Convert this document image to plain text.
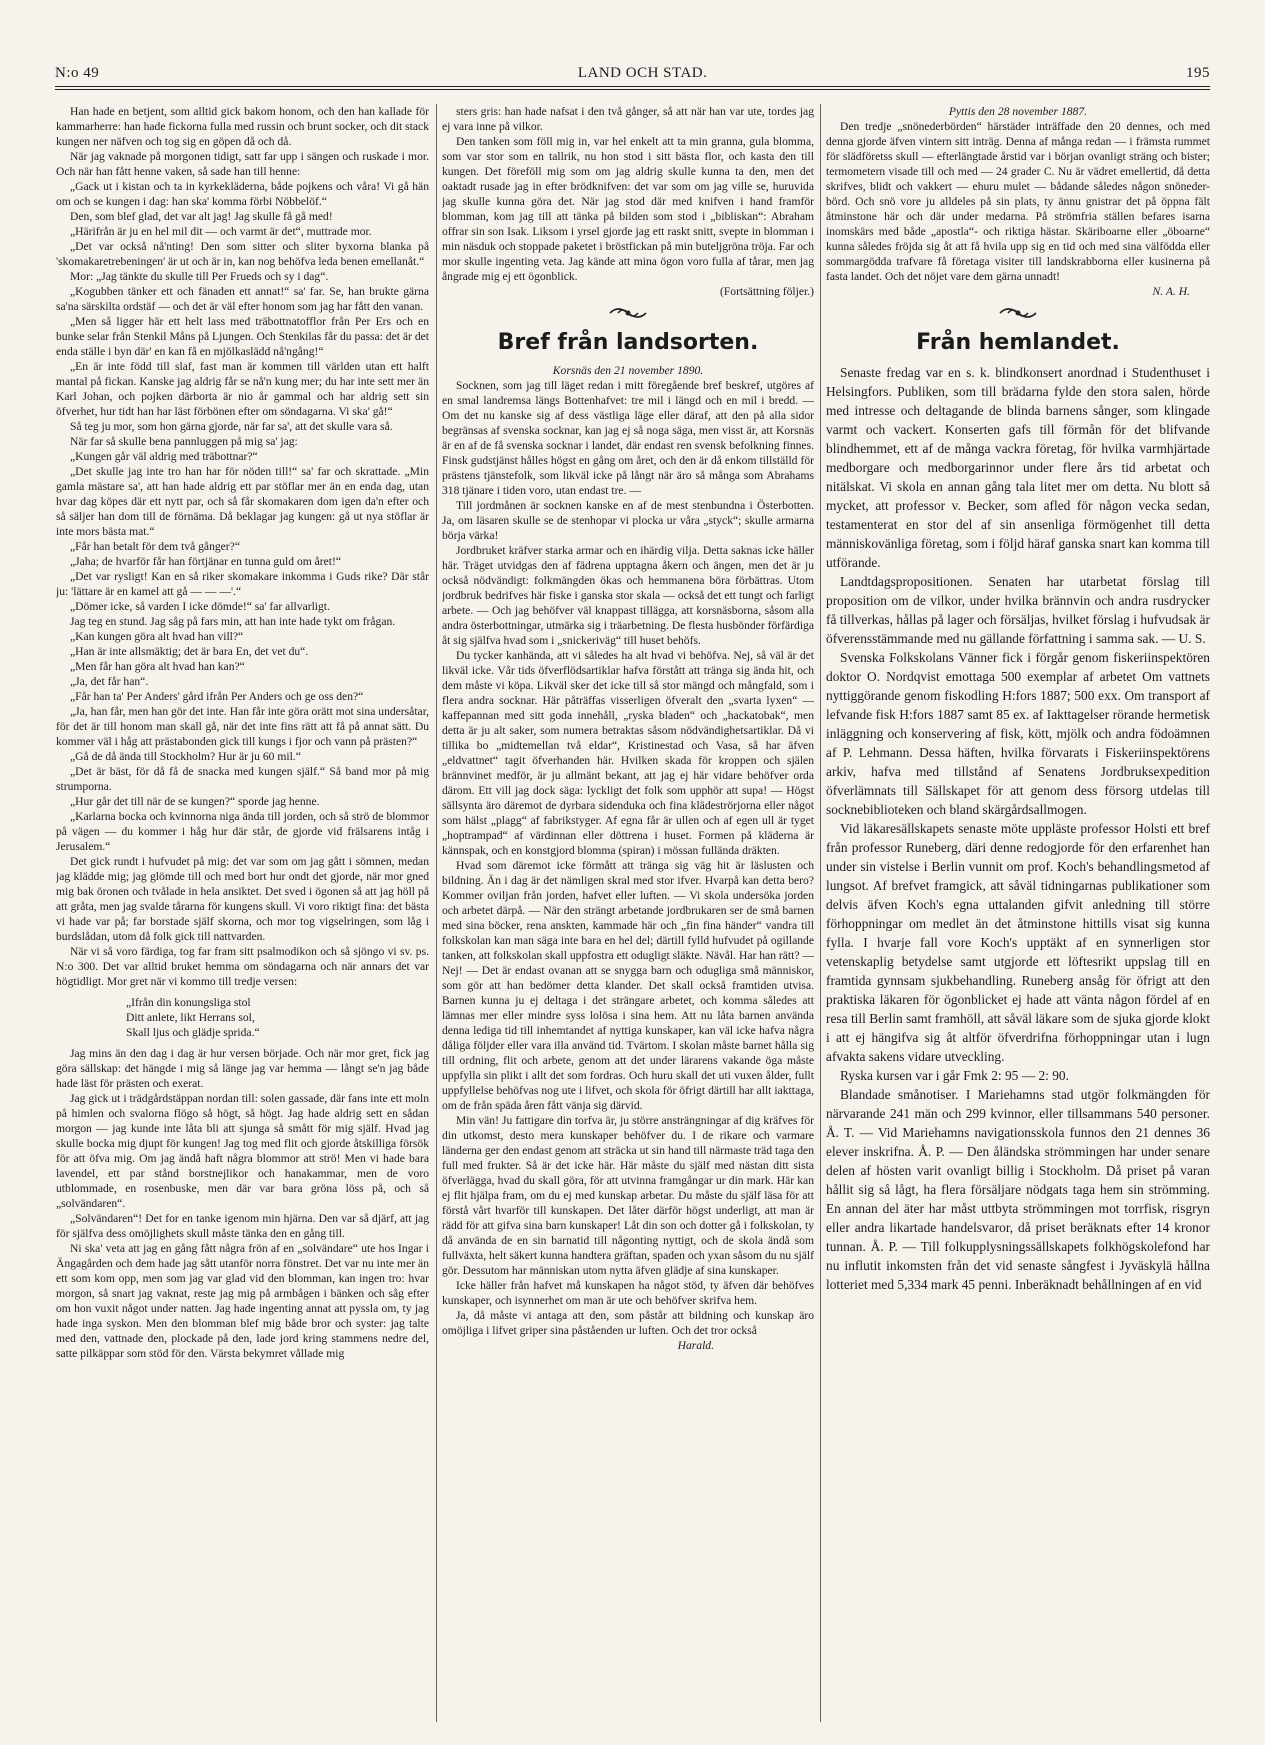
N:o 49	LAND OCH STAD.	195

Han hade en betjent, som alltid gick bakom honom, och den han kallade för kammarherre: han hade fickorna fulla med russin och brunt socker, och dit stack kungen ner näfven och tog sig en göpen då och då.

När jag vaknade på morgonen tidigt, satt far upp i sängen och ruskade i mor. Och när han fått henne vaken, så sade han till henne:

„Gack ut i kistan och ta in kyrkekläderna, både pojkens och våra! Vi gå hän om och se kungen i dag: han ska' komma förbi Nöbbelöf.“

Den, som blef glad, det var alt jag! Jag skulle få gå med!

„Härifrån är ju en hel mil dit — och varmt är det“, muttrade mor.

„Det var också nå'nting! Den som sitter och sliter byxorna blanka på 'skomakaretrebeningen' är ut och är in, kan nog behöfva leda benen emellanåt.“

Mor: „Jag tänkte du skulle till Per Frueds och sy i dag“.

„Kogubben tänker ett och fänaden ett annat!“ sa' far. Se, han brukte gärna sa'na särskilta ordstäf — och det är väl efter honom som jag har fått den vanan.

„Men så ligger här ett helt lass med träbottnatofflor från Per Ers och en bunke selar från Stenkil Måns på Ljungen. Och Stenkilas får du passa: det är det enda ställe i byn där' en kan få en mjölkaslädd nå'ngång!“

„En är inte född till slaf, fast man är kommen till världen utan ett halft mantal på fickan. Kanske jag aldrig får se nå'n kung mer; du har inte sett mer än Karl Johan, och pojken därborta är nio år gammal och har aldrig sett sin öfverhet, hur tidt han har läst förbönen efter om söndagarna. Vi ska' gå!“

Så teg ju mor, som hon gärna gjorde, när far sa', att det skulle vara så.

När far så skulle bena pannluggen på mig sa' jag:

„Kungen går väl aldrig med träbottnar?“

„Det skulle jag inte tro han har för nöden till!“ sa' far och skrattade. „Min gamla mästare sa', att han hade aldrig ett par stöflar mer än en enda dag, utan hvar dag köpes där ett nytt par, och så får skomakaren dom igen da'n efter och så säljer han dom till de förnäma. Då beklagar jag kungen: gå ut nya stöflar är inte mors bästa mat.“

„Får han betalt för dem två gånger?“

„Jaha; de hvarför får han förtjänar en tunna guld om året!“

„Det var rysligt! Kan en så riker skomakare inkomma i Guds rike? Där står ju: 'lättare är en kamel att gå — — —'.“

„Dömer icke, så varden I icke dömde!“ sa' far allvarligt.

Jag teg en stund. Jag såg på fars min, att han inte hade tykt om frågan.

„Kan kungen göra alt hvad han vill?“

„Han är inte allsmäktig; det är bara En, det vet du“.

„Men får han göra alt hvad han kan?“

„Ja, det får han“.

„Får han ta' Per Anders' gård ifrån Per Anders och ge oss den?“

„Ja, han får, men han gör det inte. Han får inte göra orätt mot sina undersåtar, för det är till honom man skall gå, när det inte fins rätt att få på annat sätt. Du kommer väl i håg att prästabonden gick till kungs i fjor och vann på prästen?“

„Gå de då ända till Stockholm? Hur är ju 60 mil.“

„Det är bäst, för då få de snacka med kungen själf.“ Så band mor på mig strumporna.

„Hur går det till när de se kungen?“ sporde jag henne.

„Karlarna bocka och kvinnorna niga ända till jorden, och så strö de blommor på vägen — du kommer i håg hur där står, de gjorde vid frälsarens intåg i Jerusalem.“

Det gick rundt i hufvudet på mig: det var som om jag gått i sömnen, medan jag klädde mig; jag glömde till och med bort hur ondt det gjorde, när mor gned mig bak öronen och tvålade in hela ansiktet. Det sved i ögonen så att jag höll på att gråta, men jag svalde tårarna för kungens skull. Vi voro riktigt fina: det bästa vi hade var på; far borstade själf skorna, och mor tog vigselringen, som låg i burdslådan, utom då folk gick till nattvarden.

När vi så voro färdiga, tog far fram sitt psalmodikon och så sjöngo vi sv. ps. N:o 300. Det var alltid bruket hemma om söndagarna och när annars det var högtidligt. Mor gret när vi kommo till tredje versen:

„Ifrån din konungsliga stol
Ditt anlete, likt Herrans sol,
Skall ljus och glädje sprida.“

Jag mins än den dag i dag är hur versen började. Och när mor gret, fick jag göra sällskap: det hängde i mig så länge jag var hemma — långt se'n jag både hade läst för prästen och exerat.

Jag gick ut i trädgårdstäppan nordan till: solen gassade, där fans inte ett moln på himlen och svalorna flögo så högt, så högt. Jag hade aldrig sett en sådan morgon — jag kunde inte låta bli att sjunga så smått för mig själf. Hvad jag skulle bocka mig djupt för kungen! Jag tog med flit och gjorde åtskilliga försök för att öfva mig. Om jag ändå haft några blommor att strö! Men vi hade bara lavendel, ett par stånd borstnejlikor och hanakammar, men de voro utblommade, en rosenbuske, men där var bara gröna löss på, och så „solvändaren“.

„Solvändaren“! Det for en tanke igenom min hjärna. Den var så djärf, att jag för själfva dess omöjlighets skull måste tänka den en gång till.

Ni ska' veta att jag en gång fått några frön af en „solvändare“ ute hos Ingar i Ängagården och dem hade jag sått utanför norra fönstret. Det var nu inte mer än ett som kom opp, men som jag var glad vid den blomman, kan ingen tro: hvar morgon, så snart jag vaknat, reste jag mig på armbågen i bänken och såg efter om hon vuxit något under natten. Jag hade ingenting annat att pyssla om, ty jag hade inga syskon. Men den blomman blef mig både bror och syster: jag talte med den, vattnade den, plockade på den, lade jord kring stammens nedre del, satte pilkäppar som stöd för den. Värsta bekymret vållade mig

sters gris: han hade nafsat i den två gånger, så att när han var ute, tordes jag ej vara inne på vilkor.

Den tanken som föll mig in, var hel enkelt att ta min granna, gula blomma, som var stor som en tallrik, nu hon stod i sitt bästa flor, och kasta den till kungen. Det föreföll mig som om jag aldrig skulle kunna ta den, men det oaktadt rusade jag in efter brödknifven: det var som om jag ville se, huruvida jag skulle kunna göra det. När jag stod där med knifven i hand framför blomman, kom jag till att tänka på bilden som stod i „bibliskan“: Abraham offrar sin son Isak. Liksom i yrsel gjorde jag ett raskt snitt, svepte in blomman i min näsduk och stoppade paketet i bröstfickan på min buteljgröna tröja. Far och mor skulle ingenting veta. Jag kände att mina ögon voro fulla af tårar, men jag ångrade mig ej ett ögonblick.

(Fortsättning följer.)

Bref från landsorten.

Korsnäs den 21 november 1890.

Socknen, som jag till läget redan i mitt föregående bref beskref, utgöres af en smal landremsa längs Bottenhafvet: tre mil i längd och en mil i bredd. — Om det nu kanske sig af dess västliga läge eller däraf, att den på alla sidor begränsas af svenska socknar, kan jag ej så noga säga, men visst är, att Korsnäs är en af de få svenska socknar i landet, där endast ren svensk befolkning finnes. Finsk gudstjänst hålles högst en gång om året, och den är då enkom tillställd för prästens tjänstefolk, som likväl icke på långt när äro så många som Abrahams 318 tjänare i tiden voro, utan endast tre. —

Till jordmånen är socknen kanske en af de mest stenbundna i Österbotten. Ja, om läsaren skulle se de stenhopar vi plocka ur våra „styck“; skulle armarna börja värka!

Jordbruket kräfver starka armar och en ihärdig vilja. Detta saknas icke häller här. Träget utvidgas den af fädrena upptagna åkern och ängen, men det är ju också nödvändigt: folkmängden ökas och hemmanena böra förbättras. Utom jordbruk bedrifves här fiske i ganska stor skala — också det ett tungt och farligt arbete. — Och jag behöfver väl knappast tillägga, att korsnäsborna, såsom alla andra österbottningar, utmärka sig i träarbetning. De flesta husbönder förfärdiga åt sig själfva hvad som i „snickeriväg“ till huset behöfs.

Du tycker kanhända, att vi således ha alt hvad vi behöfva. Nej, så väl är det likväl icke. Vår tids öfverflödsartiklar hafva förstått att tränga sig ända hit, och dem måste vi köpa. Likväl sker det icke till så stor mängd och mångfald, som i flera andra socknar. Här påträffas visserligen öfveralt den „svarta lyxen“ — kaffepannan med sitt goda innehåll, „ryska bladen“ och „hackatobak“, men detta är ju alt saker, som numera betraktas såsom nödvändighetsartiklar. Då vi tillika bo „midtemellan två eldar“, Kristinestad och Vasa, så har äfven „eldvattnet“ tagit öfverhanden här. Hvilken skada för kroppen och själen brännvinet medför, är ju allmänt bekant, att jag ej här vidare behöfver orda därom. Ett vill jag dock säga: lyckligt det folk som upphör att supa! — Högst sällsynta äro däremot de dyrbara sidenduka och fina klädeströrjorna eller något som hälst „plagg“ af fabrikstyger. Af egna får är ullen och af egen ull är tyget „hoptrampad“ af värdinnan eller döttrena i huset. Formen på kläderna är kännspak, och en konstgjord blomma (spiran) i mössan fullända dräkten.

Hvad som däremot icke förmått att tränga sig väg hit är läslusten och bildning. Än i dag är det nämligen skral med stor ifver. Hvarpå kan detta bero? Kommer oviljan från jorden, hafvet eller luften. — Vi skola undersöka jorden och arbetet därpå. — När den strängt arbetande jordbrukaren ser de små barnen med sina böcker, rena anskten, kammade här och „fin fina händer“ vandra till folkskolan kan man säga inte bara en hel del; därtill fylld hufvudet på ogillande tanken, att folkskolan skall uppfostra ett odugligt släkte. Nävål. Har han rätt? — Nej! — Det är endast ovanan att se snygga barn och odugliga små människor, som gör att han bedömer detta klander. Det skall också framtiden utvisa. Barnen kunna ju ej deltaga i det strängare arbetet, och komma således att lämnas mer eller mindre syss lolösa i sina hem. Att nu låta barnen använda denna lediga tid till inhemtandet af nyttiga kunskaper, kan väl icke hafva några dåliga följder eller vara illa använd tid. Tvärtom. I skolan måste barnet hålla sig till ordning, flit och arbete, genom att det under lärarens vakande öga måste uppfylla sin plikt i allt det som fordras. Och huru skall det uti vuxen ålder, fullt uppfyllelse behöfvas nog ute i lifvet, och skola för öfrigt därtill har allt iakttaga, om de från späda åren fått vänja sig därvid.

Min vän! Ju fattigare din torfva är, ju större ansträngningar af dig kräfves för din utkomst, desto mera kunskaper behöfver du. I de rikare och varmare länderna ger den endast genom att sträcka ut sin hand till närmaste träd taga den full med frukter. Så är det icke här. Här måste du själf med nästan ditt sista öfverlägga, hvad du skall göra, för att utvinna framgångar ur din mark. Här kan ej flit hjälpa fram, om du ej med kunskap arbetar. Du måste du själf läsa för att förstå vårt hvarför till kunskapen. Det låter därför högst underligt, att man är rädd för att gifva sina barn kunskaper! Låt din son och dotter gå i folkskolan, ty då använda de en sin barnatid till någonting nyttigt, och de skola ändå som fullväxta, helt säkert kunna handtera gräftan, spaden och yxan såsom du nu själf gör. Dessutom har människan utom nytta äfven glädje af sina kunskaper.

Icke häller från hafvet må kunskapen ha något stöd, ty äfven där behöfves kunskaper, och isynnerhet om man är ute och behöfver skrifva hem.

Ja, då måste vi antaga att den, som påstår att bildning och kunskap äro omöjliga i lifvet griper sina påståenden ur luften. Och det tror också

Harald.

Pyttis den 28 november 1887.

Den tredje „snönederbörden“ härstäder inträffade den 20 dennes, och med denna gjorde äfven vintern sitt inträg. Denna af många redan — i främsta rummet för slädföretss skull — efterlängtade årstid var i början ovanligt sträng och bister; termometern visade till och med — 24 grader C. Nu är vädret emellertid, då detta skrifves, blidt och vakkert — ehuru mulet — bådande således någon snöneder-börd. Och snö vore ju alldeles på sin plats, ty ännu gnistrar det på öppna fält åtminstone här och där under medarna. På strömfria ställen befares isarna inomskärs med både „apostla“- och riktiga hästar. Skäriboarne eller „öboarne“ kunna således fröjda sig åt att få hvila upp sig en tid och med sina välfödda eller sommargödda trafvare få företaga visiter till landskrabborna eller kusinerna på fasta landet. Och det nöjet vare dem gärna unnadt!

N. A. H.

Från hemlandet.

Senaste fredag var en s. k. blindkonsert anordnad i Studenthuset i Helsingfors. Publiken, som till brädarna fylde den stora salen, hörde med intresse och deltagande de blinda barnens sånger, som klingade varmt och vackert. Konserten gafs till förmån för det blifvande blindhemmet, ett af de många vackra företag, för hvilka varmhjärtade medborgare och medborgarinnor under flere års tid arbetat och nitälskat. Vi skola en annan gång tala litet mer om detta. Nu blott så mycket, att professor v. Becker, som afled för någon vecka sedan, testamenterat en stor del af sin ansenliga förmögenhet till detta människovänliga företag, som i följd häraf ganska snart kan komma till utförande.

Landtdagspropositionen. Senaten har utarbetat förslag till proposition om de vilkor, under hvilka brännvin och andra rusdrycker få tillverkas, hållas på lager och försäljas, hvilket förslag i hufvudsak är öfverensstämmande med nu gällande författning i samma sak. — U. S.

Svenska Folkskolans Vänner fick i förgår genom fiskeriinspektören doktor O. Nordqvist emottaga 500 exemplar af arbetet Om vattnets nyttiggörande genom fiskodling H:fors 1887; 500 exx. Om transport af lefvande fisk H:fors 1887 samt 85 ex. af Iakttagelser rörande hermetisk inläggning och konservering af fisk, kött, mjölk och andra födoämnen af P. Lehmann. Dessa häften, hvilka förvarats i Fiskeriinspektörens arkiv, hafva med tillstånd af Senatens Jordbruksexpedition öfverlämnats till Sällskapet för att genom dess försorg utdelas till socknebiblioteken och bland skärgårdsallmogen.

Vid läkaresällskapets senaste möte uppläste professor Holsti ett bref från professor Runeberg, däri denne redogjorde för den erfarenhet han under sin vistelse i Berlin vunnit om prof. Koch's behandlingsmetod af lungsot. Af brefvet framgick, att såväl tidningarnas publikationer som delvis äfven Koch's egna uttalanden gifvit anledning till större förhoppningar om medlet än det åtminstone hittills visat sig kunna fylla. I hvarje fall vore Koch's upptäkt af en synnerligen stor vetenskaplig betydelse samt utgjorde ett löftesrikt uppslag till en framtida gynnsam sjukbehandling. Runeberg ansåg för öfrigt att den praktiska läkaren för ögonblicket ej hade att vänta någon fördel af en resa till Berlin samt framhöll, att såväl läkare som de sjuka gjorde klokt i att ej hängifva sig åt altför öfverdrifna förhoppningar utan i lugn afvakta sakens vidare utveckling.

Ryska kursen var i går Fmk 2: 95 — 2: 90.

Blandade smånotiser. I Mariehamns stad utgör folkmängden för närvarande 241 män och 299 kvinnor, eller tillsammans 540 personer. Å. T. — Vid Mariehamns navigationsskola funnos den 21 dennes 36 elever inskrifna. Å. P. — Den åländska strömmingen har under senare delen af hösten varit ovanligt billig i Stockholm. Då priset på varan hållit sig så lågt, ha flera försäljare nödgats taga hem sin strömming. En annan del äter har måst uttbyta strömmingen mot torrfisk, risgryn eller andra likartade handelsvaror, då priset beräknats efter 14 kronor tunnan. Å. P. — Till folkupplysningssällskapets folkhögskolefond har nu influtit inkomsten från det vid senaste sångfest i Jyväskylä hållna lotteriet med 5,334 mark 45 penni. Inberäknadt behållningen af en vid
